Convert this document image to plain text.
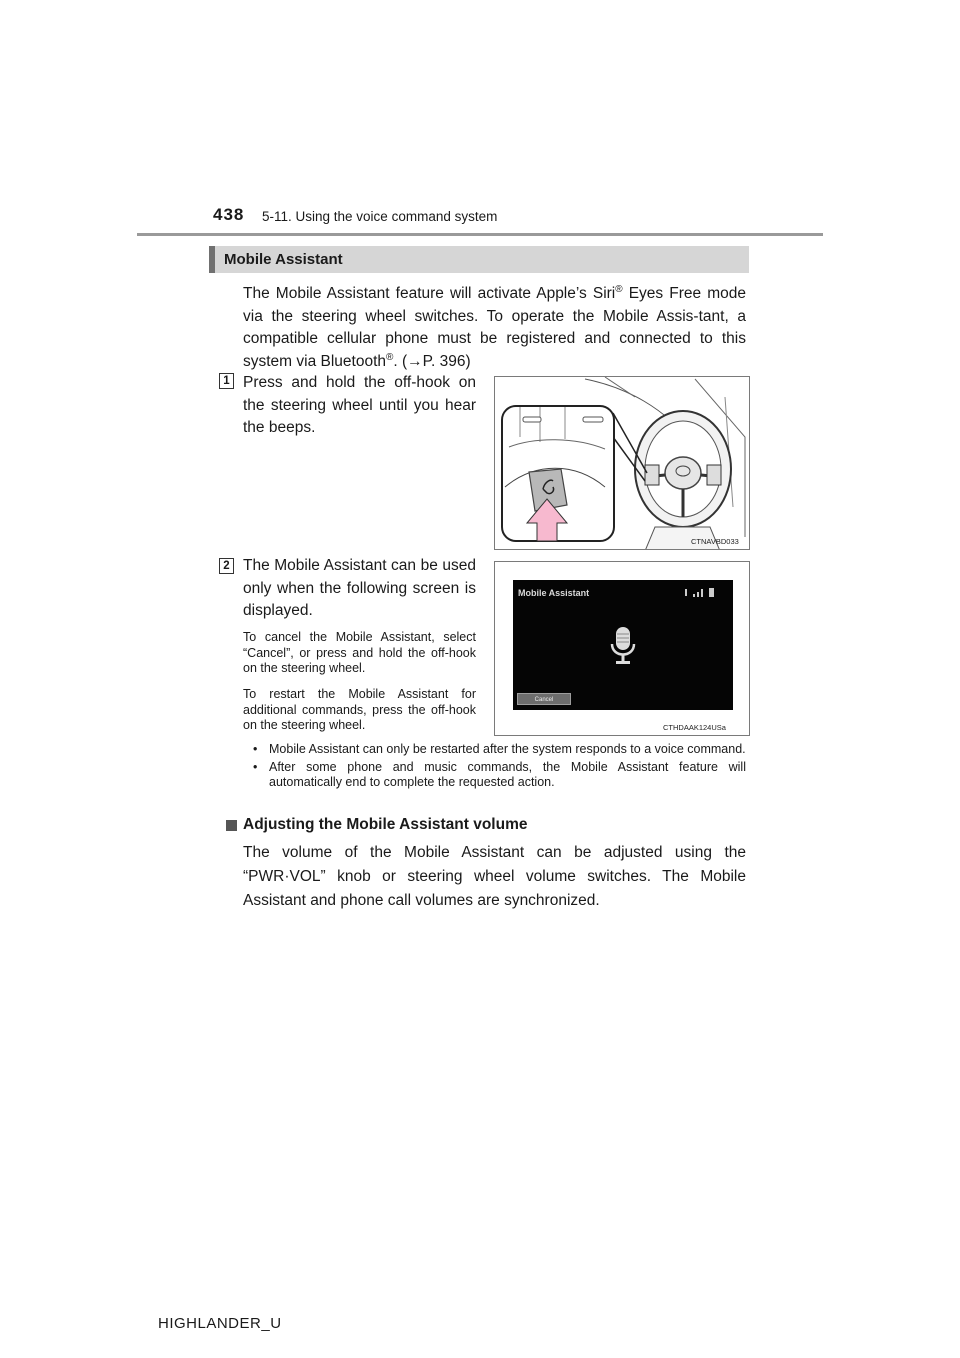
438 5-11. Using the voice command system
Mobile Assistant
The Mobile Assistant feature will activate Apple’s Siri® Eyes Free mode via the steering wheel switches. To operate the Mobile Assis-tant, a compatible cellular phone must be registered and connected to this system via Bluetooth®. (→P. 396)
1 Press and hold the off-hook on the steering wheel until you hear the beeps.
CTNAVBD033
2 The Mobile Assistant can be used only when the following screen is displayed.
Mobile Assistant
Cancel
CTHDAAK124USa
To cancel the Mobile Assistant, select “Cancel”, or press and hold the off-hook on the steering wheel.
To restart the Mobile Assistant for additional commands, press the off-hook on the steering wheel.
• Mobile Assistant can only be restarted after the system responds to a voice command.
• After some phone and music commands, the Mobile Assistant feature will automatically end to complete the requested action.
Adjusting the Mobile Assistant volume
The volume of the Mobile Assistant can be adjusted using the “PWR·VOL” knob or steering wheel volume switches. The Mobile Assistant and phone call volumes are synchronized.
HIGHLANDER_U
